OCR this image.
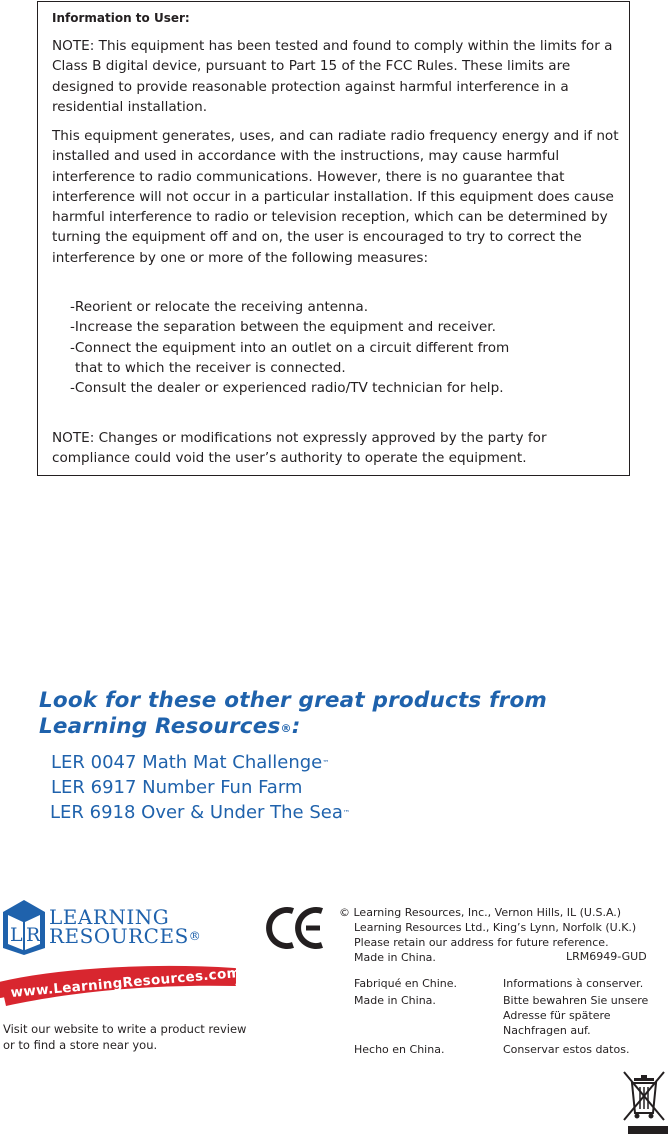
Information to User:

NOTE: This equipment has been tested and found to comply within the limits for a Class B digital device, pursuant to Part 15 of the FCC Rules. These limits are designed to provide reasonable protection against harmful interference in a residential installation.

This equipment generates, uses, and can radiate radio frequency energy and if not installed and used in accordance with the instructions, may cause harmful interference to radio communications. However, there is no guarantee that interference will not occur in a particular installation. If this equipment does cause harmful interference to radio or television reception, which can be determined by turning the equipment off and on, the user is encouraged to try to correct the interference by one or more of the following measures:

-Reorient or relocate the receiving antenna.
-Increase the separation between the equipment and receiver.
-Connect the equipment into an outlet on a circuit different from
that to which the receiver is connected.
-Consult the dealer or experienced radio/TV technician for help.

NOTE: Changes or modifications not expressly approved by the party for compliance could void the user’s authority to operate the equipment.

Look for these other great products from
Learning Resources®:
LER 0047 Math Mat Challenge™
LER 6917 Number Fun Farm
LER 6918 Over & Under The Sea™
L R
LEARNING
RESOURCES®
www.LearningResources.com
Visit our website to write a product review
or to find a store near you.
© Learning Resources, Inc., Vernon Hills, IL (U.S.A.)
Learning Resources Ltd., King’s Lynn, Norfolk (U.K.)
Please retain our address for future reference.
Made in China.	LRM6949-GUD
Fabriqué en Chine.	Informations à conserver.
Made in China.	Bitte bewahren Sie unsere
Adresse für spätere
Nachfragen auf.
Hecho en China.	Conservar estos datos.
